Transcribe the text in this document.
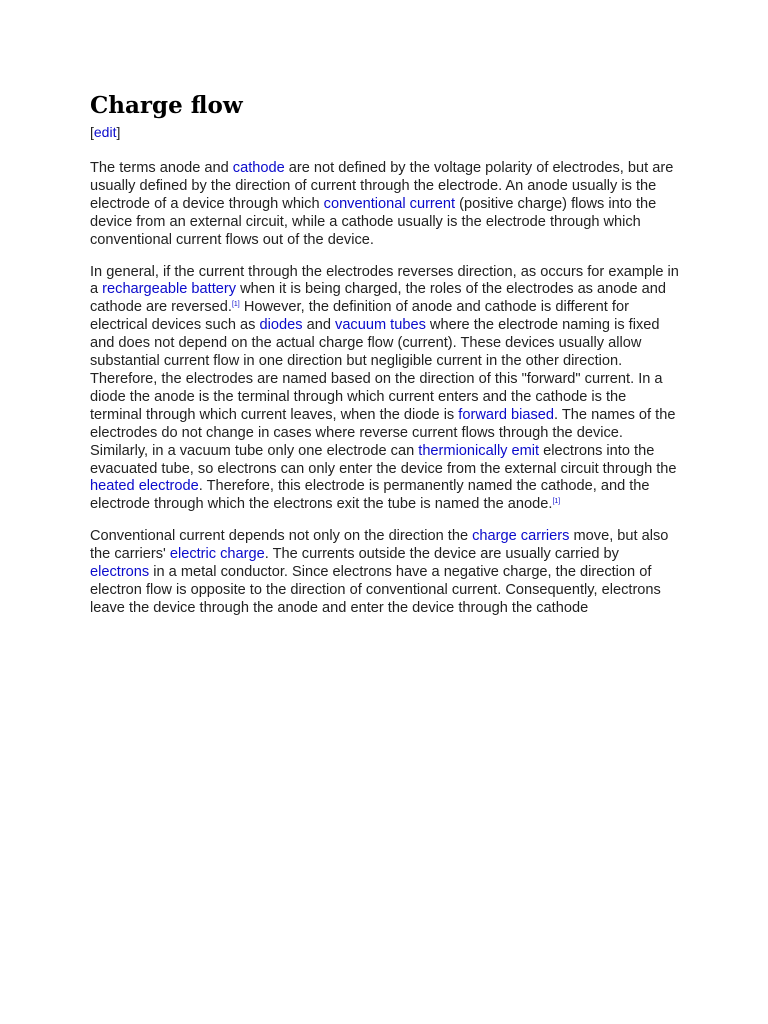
Charge flow
[edit]

The terms anode and cathode are not defined by the voltage polarity of electrodes, but are usually defined by the direction of current through the electrode. An anode usually is the electrode of a device through which conventional current (positive charge) flows into the device from an external circuit, while a cathode usually is the electrode through which conventional current flows out of the device.

In general, if the current through the electrodes reverses direction, as occurs for example in a rechargeable battery when it is being charged, the roles of the electrodes as anode and cathode are reversed.[1] However, the definition of anode and cathode is different for electrical devices such as diodes and vacuum tubes where the electrode naming is fixed and does not depend on the actual charge flow (current). These devices usually allow substantial current flow in one direction but negligible current in the other direction. Therefore, the electrodes are named based on the direction of this "forward" current. In a diode the anode is the terminal through which current enters and the cathode is the terminal through which current leaves, when the diode is forward biased. The names of the electrodes do not change in cases where reverse current flows through the device. Similarly, in a vacuum tube only one electrode can thermionically emit electrons into the evacuated tube, so electrons can only enter the device from the external circuit through the heated electrode. Therefore, this electrode is permanently named the cathode, and the electrode through which the electrons exit the tube is named the anode.[1]

Conventional current depends not only on the direction the charge carriers move, but also the carriers' electric charge. The currents outside the device are usually carried by electrons in a metal conductor. Since electrons have a negative charge, the direction of electron flow is opposite to the direction of conventional current. Consequently, electrons leave the device through the anode and enter the device through the cathode
